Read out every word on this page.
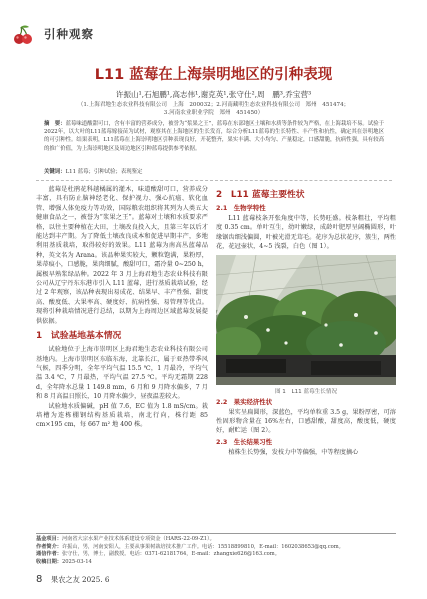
引种观察
L11 蓝莓在上海崇明地区的引种表现
许振山¹,石旭鹏¹,高志伟¹,谢克英¹,张守仕²,周　鹏³,乔宝营³
（1.上海君地生态农业科技有限公司　上海　200032；2.河南藏明生态农业科技有限公司　郑州　451474；
3.河南农业职业学院　郑州　451450）
摘　要：蓝莓味道酸甜可口，含有丰富的营养成分，被誉为“浆果之王”，蓝莓在东部地区土壤和水质等条件较为严格，在上海栽培不易。试验于2022年，以大叶的L11蓝莓嫁接苗为试材，观察其在上海地区的生长发育，综合分析L11蓝莓的生长特性、丰产性和抗性，确定其在崇明地区的可引种性。结果表明，L11蓝莓在上海崇明地区引种表现良好，开花整齐，果实丰满、大小均匀、产量稳定，口感甜脆，抗病性强，具有较高的推广价值，为上海崇明地区及周边地区引种蓝莓提供参考依据。
关键词：L11 蓝莓；引种试验；表现鉴定

蓝莓是杜鹃花科越橘属的灌木，味道酸甜可口，营养成分丰富，具有防止脑神经老化、保护视力、强心抗癌、软化血管、增强人体免疫力等功效，国际粮农组织将其列为人类五大健康食品之一，被誉为“浆果之王”。蓝莓对土壤和水质要求严格，以往主要种植在大田，土壤改良投入大，且第三年以后才能达到丰产期。为了降低土壤改良成本和促进早期丰产，多地利用基质栽培，取得较好的效果。L11 蓝莓为南高丛蓝莓品种，英文名为 Arana。该品种果实较大，颗粒饱满，果粉厚，果蒂痕小，口感脆，果肉细腻，酸甜可口，霜冷量 0~250 h，属极早熟浆绿品种。2022 年 3 月上海君地生态农业科技有限公司从辽宁丹东东港市引入 L11 蓝莓，进行基质栽培试验，经过 2 年观察，该品种表现出易成花、结果早、丰产性强、甜度高、酸度低、大果率高、硬度好、抗病性强、易管理等优点。现将引种栽培情况进行总结，以期为上海周边区域蓝莓发展提供依据。

1　试验基地基本情况

试验地位于上海市崇明区上海君地生态农业科技有限公司基地内。上海市崇明区东临东海，北靠长江，属于亚热带季风气候，四季分明，全年平均气温 15.5 ℃，1 月最冷，平均气温 3.4 ℃，7 月最热，平均气温 27.5 ℃。平均无霜期 228 d，全年降水总量 1 149.8 mm，6 月和 9 月降水偏多，7 月和 8 月高温日照长，10 月降水偏少，昼夜温差较大。

试验地水质偏碱，pH 值 7.6，EC 值为 1.8 mS/cm。栽培槽为连栋棚钢结构基质栽培，南北行向，株行距 85 cm×195 cm，每 667 m² 地 400 株。

2　L11 蓝莓主要性状
2.1　生物学特性

L11 蓝莓枝条开张角度中等，长势旺盛。枝条粗壮，平均粗度 0.35 cm。单叶互生，幼叶嫩绿，成龄叶肥厚呈阔椭圆形，叶缘锯齿细浅偏圆，叶被光滑无茸毛。花序为总状花序，簇生，两性花，花冠壶状，4~5 浅裂，白色（图 1）。

图 1　L11 蓝莓生长情况
2.2　果实经济性状

果实呈扁圆形，深蓝色，平均单粒重 3.5 g，果粉厚密，可溶性固形物含量在 16%左右，口感甜酸，甜度高，酸度低，硬度好，耐贮运（图 2）。

2.3　生长结果习性

植株生长势强，发枝力中等偏强，中等程度摘心

基金项目：河南省大宗水果产业技术体系建设专项资金（HARS-22-09-Z1）。
作者简介：许振山，男，河南安阳人，主要从事果树栽培技术推广工作。电话：15518899810，E-mail：1602038653@qq.com。
通信作者：张守仕，男，博士，副教授。电话：0371-62181764，E-mail：zhangxie626@163.com。
收稿日期：2025-03-14
8 果农之友 2025. 6
